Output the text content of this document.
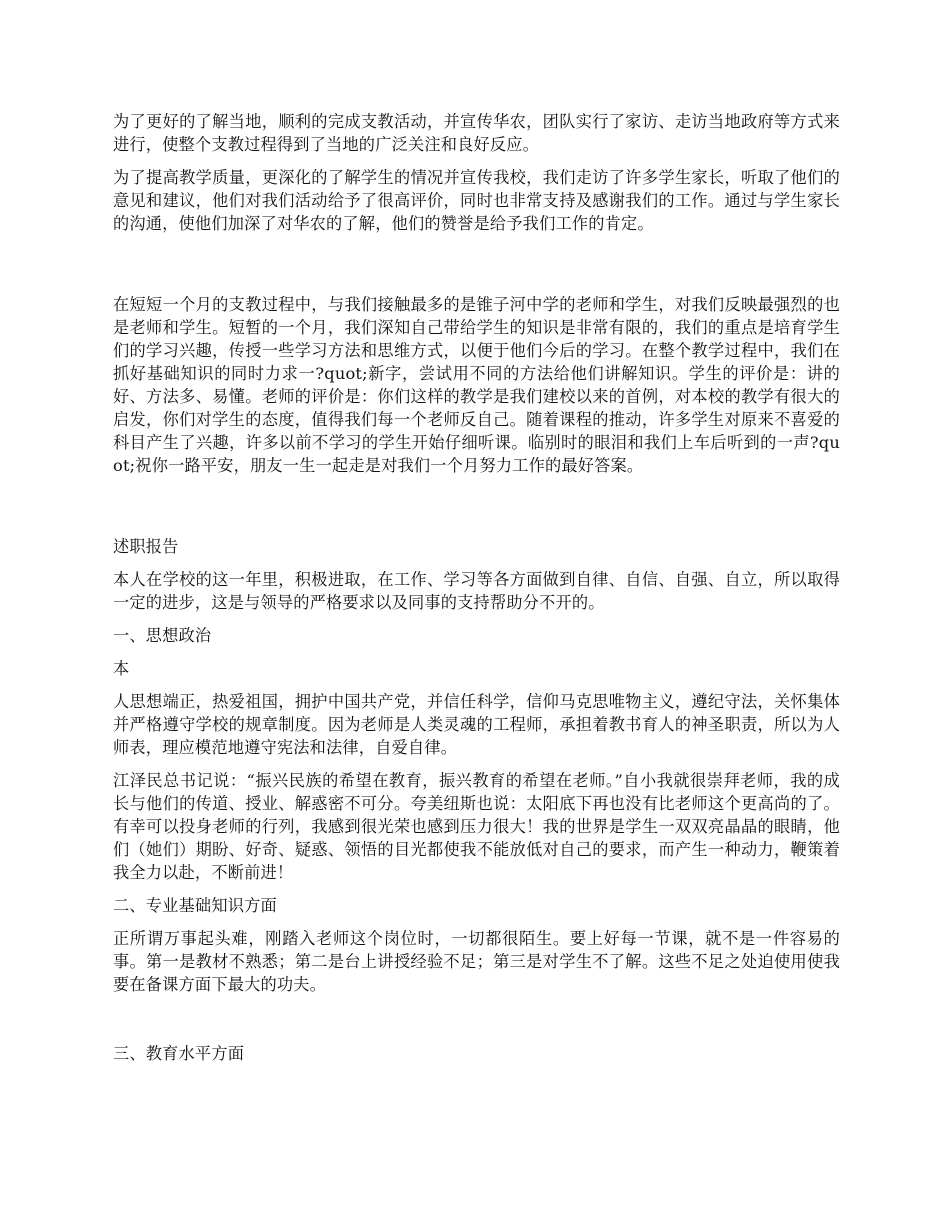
为了更好的了解当地，顺利的完成支教活动，并宣传华农，团队实行了家访、走访当地政府等方式来进行，使整个支教过程得到了当地的广泛关注和良好反应。

为了提高教学质量，更深化的了解学生的情况并宣传我校，我们走访了许多学生家长，听取了他们的意见和建议，他们对我们活动给予了很高评价，同时也非常支持及感谢我们的工作。通过与学生家长的沟通，使他们加深了对华农的了解，他们的赞誉是给予我们工作的肯定。

在短短一个月的支教过程中，与我们接触最多的是锥子河中学的老师和学生，对我们反映最强烈的也是老师和学生。短暂的一个月，我们深知自己带给学生的知识是非常有限的，我们的重点是培育学生们的学习兴趣，传授一些学习方法和思维方式，以便于他们今后的学习。在整个教学过程中，我们在抓好基础知识的同时力求一?quot;新字，尝试用不同的方法给他们讲解知识。学生的评价是：讲的好、方法多、易懂。老师的评价是：你们这样的教学是我们建校以来的首例，对本校的教学有很大的启发，你们对学生的态度，值得我们每一个老师反自己。随着课程的推动，许多学生对原来不喜爱的科目产生了兴趣，许多以前不学习的学生开始仔细听课。临别时的眼泪和我们上车后听到的一声?quot;祝你一路平安，朋友一生一起走是对我们一个月努力工作的最好答案。

述职报告

本人在学校的这一年里，积极进取，在工作、学习等各方面做到自律、自信、自强、自立，所以取得一定的进步，这是与领导的严格要求以及同事的支持帮助分不开的。

一、思想政治

本

人思想端正，热爱祖国，拥护中国共产党，并信任科学，信仰马克思唯物主义，遵纪守法，关怀集体并严格遵守学校的规章制度。因为老师是人类灵魂的工程师，承担着教书育人的神圣职责，所以为人师表，理应模范地遵守宪法和法律，自爱自律。

江泽民总书记说：“振兴民族的希望在教育，振兴教育的希望在老师。”自小我就很崇拜老师，我的成长与他们的传道、授业、解惑密不可分。夸美纽斯也说：太阳底下再也没有比老师这个更高尚的了。有幸可以投身老师的行列，我感到很光荣也感到压力很大！我的世界是学生一双双亮晶晶的眼睛，他们（她们）期盼、好奇、疑惑、领悟的目光都使我不能放低对自己的要求，而产生一种动力，鞭策着我全力以赴，不断前进！

二、专业基础知识方面

正所谓万事起头难，刚踏入老师这个岗位时，一切都很陌生。要上好每一节课，就不是一件容易的事。第一是教材不熟悉；第二是台上讲授经验不足；第三是对学生不了解。这些不足之处迫使用使我要在备课方面下最大的功夫。

三、教育水平方面
